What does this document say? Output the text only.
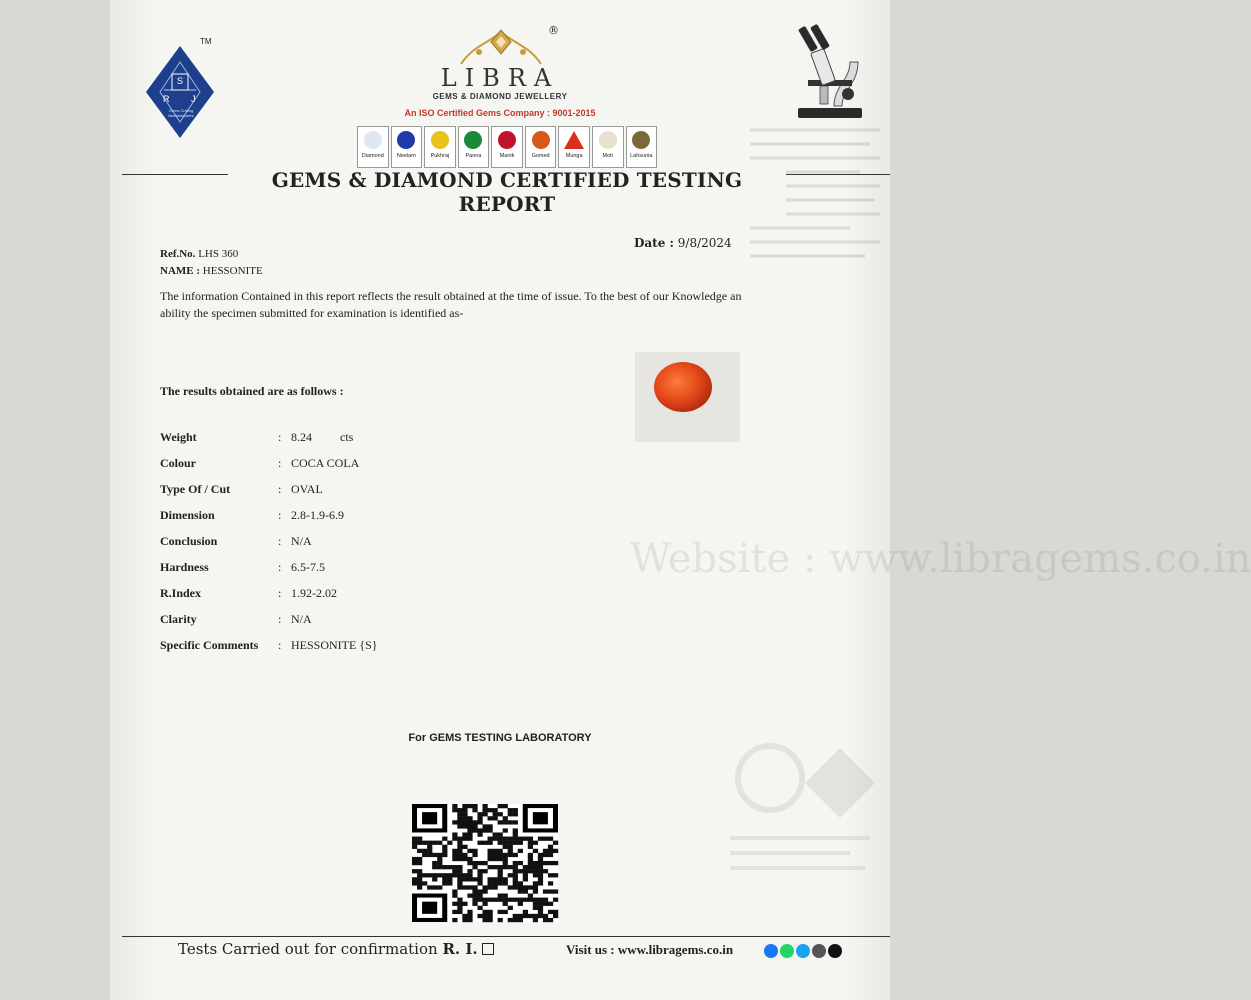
TM
S
R J
Gems Cutting Manufacturers
®
LIBRA
GEMS & DIAMOND JEWELLERY
An ISO Certified Gems Company : 9001-2015
Diamond Neelam	Pukhraj	Panna	Manik	Gomed	Munga	Moti	Lahsunia
GEMS & DIAMOND CERTIFIED TESTING REPORT
Date : 9/8/2024
Ref.No. LHS 360
NAME : HESSONITE
The information Contained in this report reflects the result obtained at the time of issue. To the best of our Knowledge an ability the specimen submitted for examination is identified as-
The results obtained are as follows :
Weight	: 8.24 cts
Colour	: COCA COLA
Type Of / Cut	: OVAL
Dimension	: 2.8-1.9-6.9
Conclusion	: N/A
Hardness	: 6.5-7.5
R.Index	: 1.92-2.02
Clarity	: N/A
Specific Comments : HESSONITE {S}
Website : www.libragems.co.in
For GEMS TESTING LABORATORY
Tests Carried out for confirmation R. I.	Visit us : www.libragems.co.in
